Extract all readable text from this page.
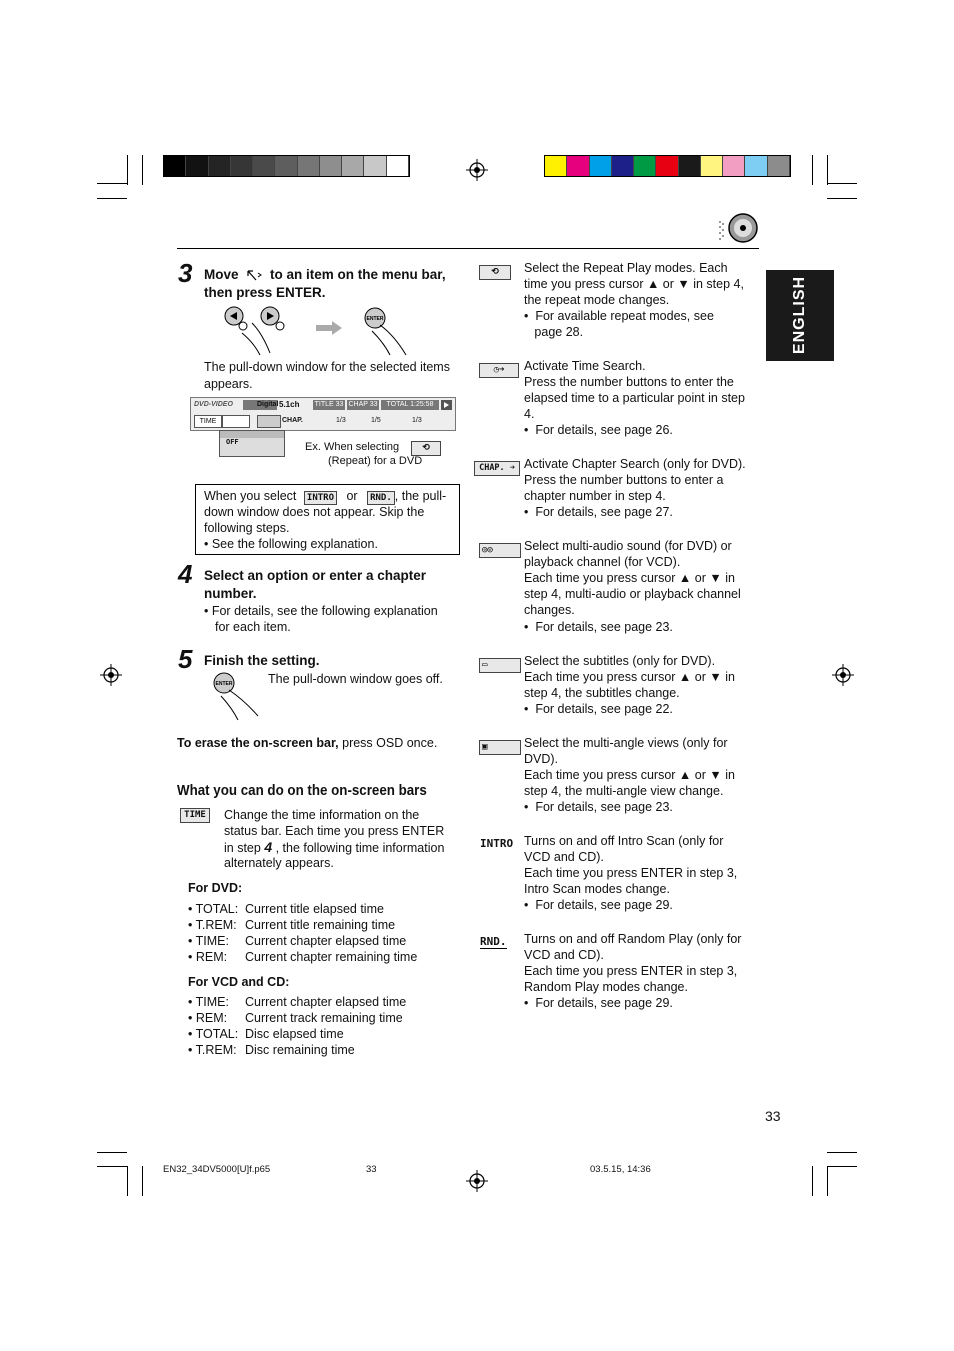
ENGLISH
3 Move to an item on the menu bar,
then press ENTER.
ENTER
The pull-down window for the selected items appears.
DVD-VIDEO	Digital 5.1ch TITLE 33 CHAP 33	TOTAL 1:25:58
TIME	CHAP.	1/3	1/5	1/3
OFF	Ex. When selecting	⟲
(Repeat) for a DVD
When you select INTRO or RND. , the pull-
down window does not appear. Skip the
following steps.
• See the following explanation.
4 Select an option or enter a chapter
number.
• For details, see the following explanation
for each item.
5 Finish the setting.
ENTER	The pull-down window goes off.
To erase the on-screen bar, press OSD once.
What you can do on the on-screen bars
TIME	Change the time information on the
status bar. Each time you press ENTER
in step 4 , the following time information
alternately appears.
For DVD:
• TOTAL: Current title elapsed time
• T.REM: Current title remaining time
• TIME: Current chapter elapsed time
• REM: Current chapter remaining time
For VCD and CD:
• TIME: Current chapter elapsed time
• REM: Current track remaining time
• TOTAL: Disc elapsed time
• T.REM: Disc remaining time
⟲	Select the Repeat Play modes. Each
time you press cursor ▲ or ▼ in step 4,
the repeat mode changes.
•  For available repeat modes, see
page 28.
◷➜	Activate Time Search.
Press the number buttons to enter the
elapsed time to a particular point in step
4.
•  For details, see page 26.
CHAP. ➜ Activate Chapter Search (only for DVD).
Press the number buttons to enter a
chapter number in step 4.
•  For details, see page 27.
◎◎	Select multi-audio sound (for DVD) or
playback channel (for VCD).
Each time you press cursor ▲ or ▼ in
step 4, multi-audio or playback channel
changes.
•  For details, see page 23.
▭	Select the subtitles (only for DVD).
Each time you press cursor ▲ or ▼ in
step 4, the subtitles change.
•  For details, see page 22.
▣	Select the multi-angle views (only for
DVD).
Each time you press cursor ▲ or ▼ in
step 4, the multi-angle view change.
•  For details, see page 23.
INTRO Turns on and off Intro Scan (only for
VCD and CD).
Each time you press ENTER in step 3,
Intro Scan modes change.
•  For details, see page 29.
RND. Turns on and off Random Play (only for
VCD and CD).
Each time you press ENTER in step 3,
Random Play modes change.
•  For details, see page 29.
33
EN32_34DV5000[U]f.p65	33	03.5.15, 14:36
